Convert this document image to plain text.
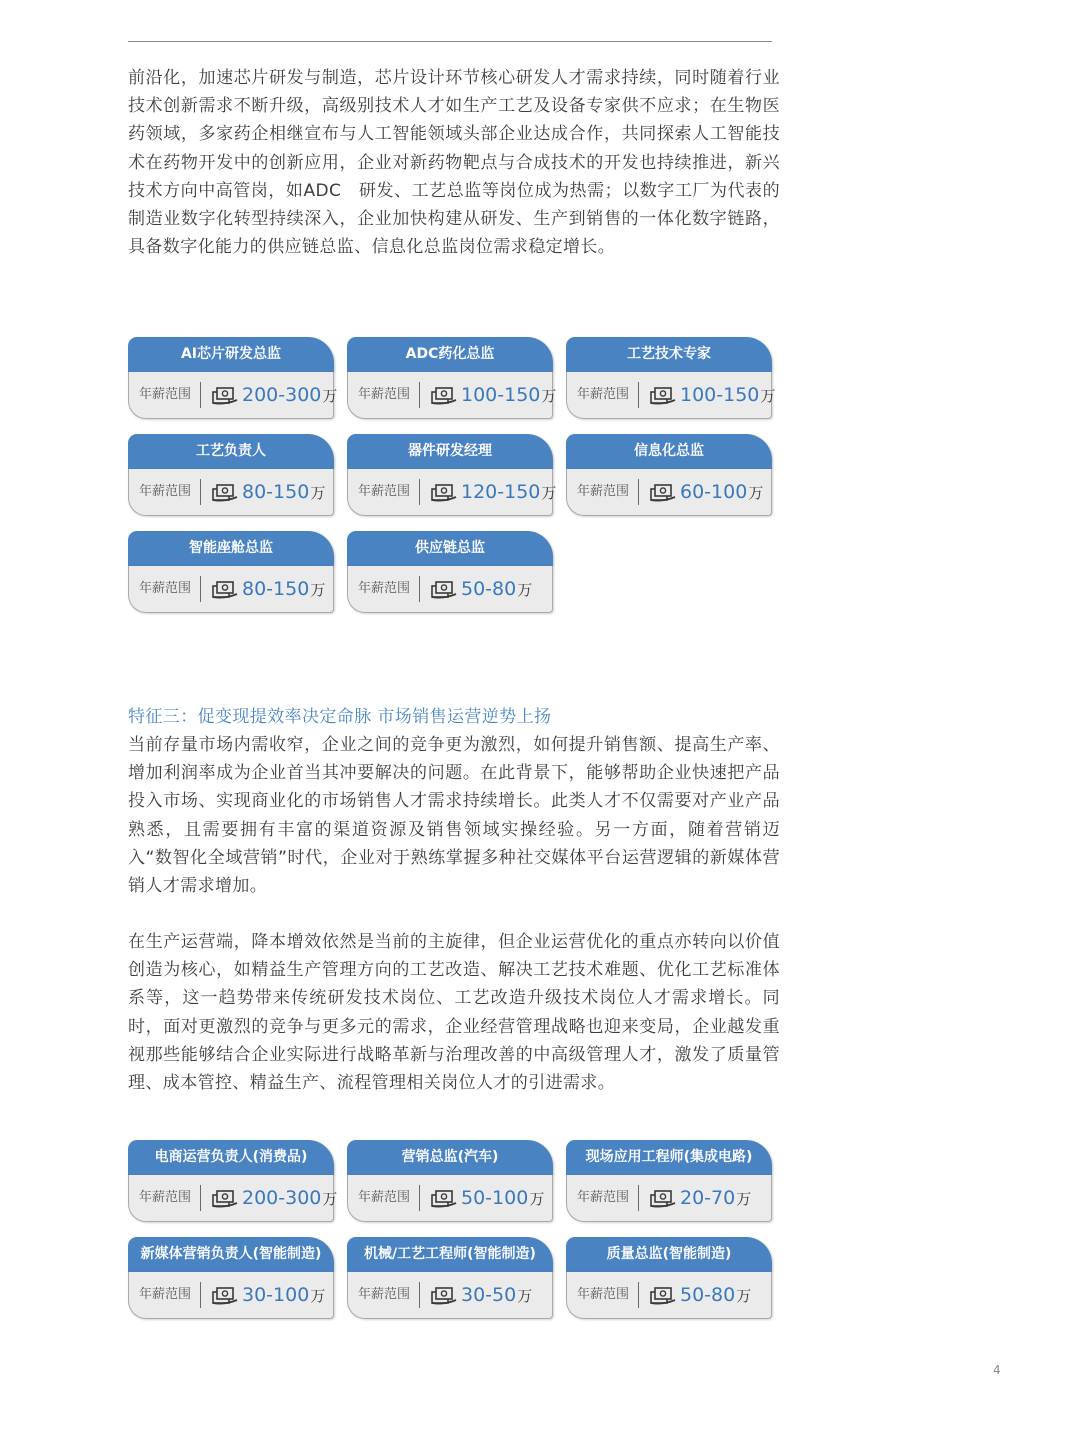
前沿化，加速芯片研发与制造，芯片设计环节核心研发人才需求持续，同时随着行业技术创新需求不断升级，高级别技术人才如生产工艺及设备专家供不应求；在生物医药领域，多家药企相继宣布与人工智能领域头部企业达成合作，共同探索人工智能技术在药物开发中的创新应用，企业对新药物靶点与合成技术的开发也持续推进，新兴技术方向中高管岗，如ADC　研发、工艺总监等岗位成为热需；以数字工厂为代表的制造业数字化转型持续深入，企业加快构建从研发、生产到销售的一体化数字链路，具备数字化能力的供应链总监、信息化总监岗位需求稳定增长。

AI芯片研发总监
年薪范围	200-300万
ADC药化总监
年薪范围	100-150万
工艺技术专家
年薪范围	100-150万
工艺负责人
年薪范围	80-150万
器件研发经理
年薪范围	120-150万
信息化总监
年薪范围	60-100万
智能座舱总监
年薪范围	80-150万
供应链总监
年薪范围	50-80万

特征三：促变现提效率决定命脉 市场销售运营逆势上扬

当前存量市场内需收窄，企业之间的竞争更为激烈，如何提升销售额、提高生产率、增加利润率成为企业首当其冲要解决的问题。在此背景下，能够帮助企业快速把产品投入市场、实现商业化的市场销售人才需求持续增长。此类人才不仅需要对产业产品熟悉，且需要拥有丰富的渠道资源及销售领域实操经验。另一方面，随着营销迈入“数智化全域营销”时代，企业对于熟练掌握多种社交媒体平台运营逻辑的新媒体营销人才需求增加。

在生产运营端，降本增效依然是当前的主旋律，但企业运营优化的重点亦转向以价值创造为核心，如精益生产管理方向的工艺改造、解决工艺技术难题、优化工艺标准体系等，这一趋势带来传统研发技术岗位、工艺改造升级技术岗位人才需求增长。同时，面对更激烈的竞争与更多元的需求，企业经营管理战略也迎来变局，企业越发重视那些能够结合企业实际进行战略革新与治理改善的中高级管理人才，激发了质量管理、成本管控、精益生产、流程管理相关岗位人才的引进需求。

电商运营负责人(消费品)
年薪范围	200-300万
营销总监(汽车)
年薪范围	50-100万
现场应用工程师(集成电路)
年薪范围	20-70万
新媒体营销负责人(智能制造)
年薪范围	30-100万
机械/工艺工程师(智能制造)
年薪范围	30-50万
质量总监(智能制造)
年薪范围	50-80万
4
